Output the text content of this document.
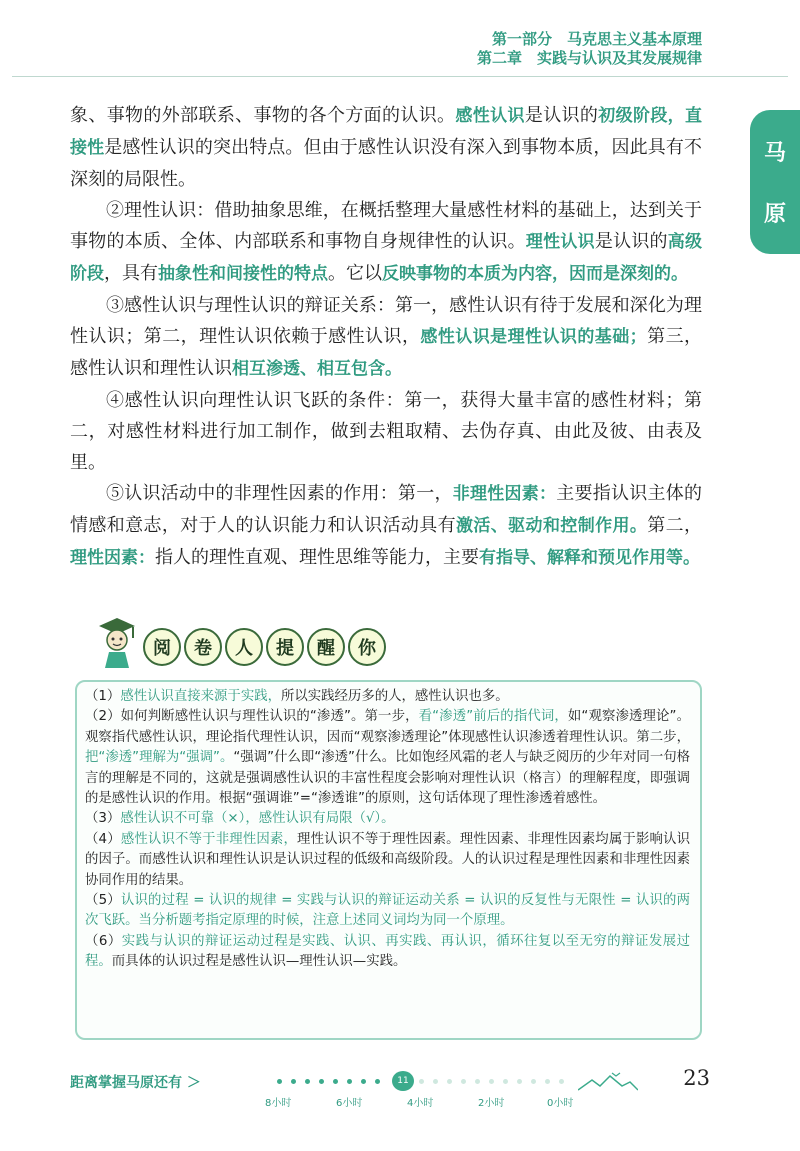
第一部分　马克思主义基本原理
第二章　实践与认识及其发展规律
马
原

象、事物的外部联系、事物的各个方面的认识。感性认识是认识的初级阶段，直接性是感性认识的突出特点。但由于感性认识没有深入到事物本质，因此具有不深刻的局限性。

②理性认识：借助抽象思维，在概括整理大量感性材料的基础上，达到关于事物的本质、全体、内部联系和事物自身规律性的认识。理性认识是认识的高级阶段，具有抽象性和间接性的特点。它以反映事物的本质为内容，因而是深刻的。

③感性认识与理性认识的辩证关系：第一，感性认识有待于发展和深化为理性认识；第二，理性认识依赖于感性认识，感性认识是理性认识的基础；第三，感性认识和理性认识相互渗透、相互包含。

④感性认识向理性认识飞跃的条件：第一，获得大量丰富的感性材料；第二，对感性材料进行加工制作，做到去粗取精、去伪存真、由此及彼、由表及里。

⑤认识活动中的非理性因素的作用：第一，非理性因素：主要指认识主体的情感和意志，对于人的认识能力和认识活动具有激活、驱动和控制作用。第二，理性因素：指人的理性直观、理性思维等能力，主要有指导、解释和预见作用等。

阅	卷	人	提	醒	你

（1）感性认识直接来源于实践，所以实践经历多的人，感性认识也多。

（2）如何判断感性认识与理性认识的“渗透”。第一步，看“渗透”前后的指代词，如“观察渗透理论”。观察指代感性认识，理论指代理性认识，因而“观察渗透理论”体现感性认识渗透着理性认识。第二步，把“渗透”理解为“强调”。“强调”什么即“渗透”什么。比如饱经风霜的老人与缺乏阅历的少年对同一句格言的理解是不同的，这就是强调感性认识的丰富性程度会影响对理性认识（格言）的理解程度，即强调的是感性认识的作用。根据“强调谁”=“渗透谁”的原则，这句话体现了理性渗透着感性。

（3）感性认识不可靠（×），感性认识有局限（√）。

（4）感性认识不等于非理性因素，理性认识不等于理性因素。理性因素、非理性因素均属于影响认识的因子。而感性认识和理性认识是认识过程的低级和高级阶段。人的认识过程是理性因素和非理性因素协同作用的结果。

（5）认识的过程 = 认识的规律 = 实践与认识的辩证运动关系 = 认识的反复性与无限性 = 认识的两次飞跃。当分析题考指定原理的时候，注意上述同义词均为同一个原理。

（6）实践与认识的辩证运动过程是实践、认识、再实践、再认识，循环往复以至无穷的辩证发展过程。而具体的认识过程是感性认识—理性认识—实践。

距离掌握马原还有 ＞	11
8小时	6小时	4小时	2小时	0小时
23
